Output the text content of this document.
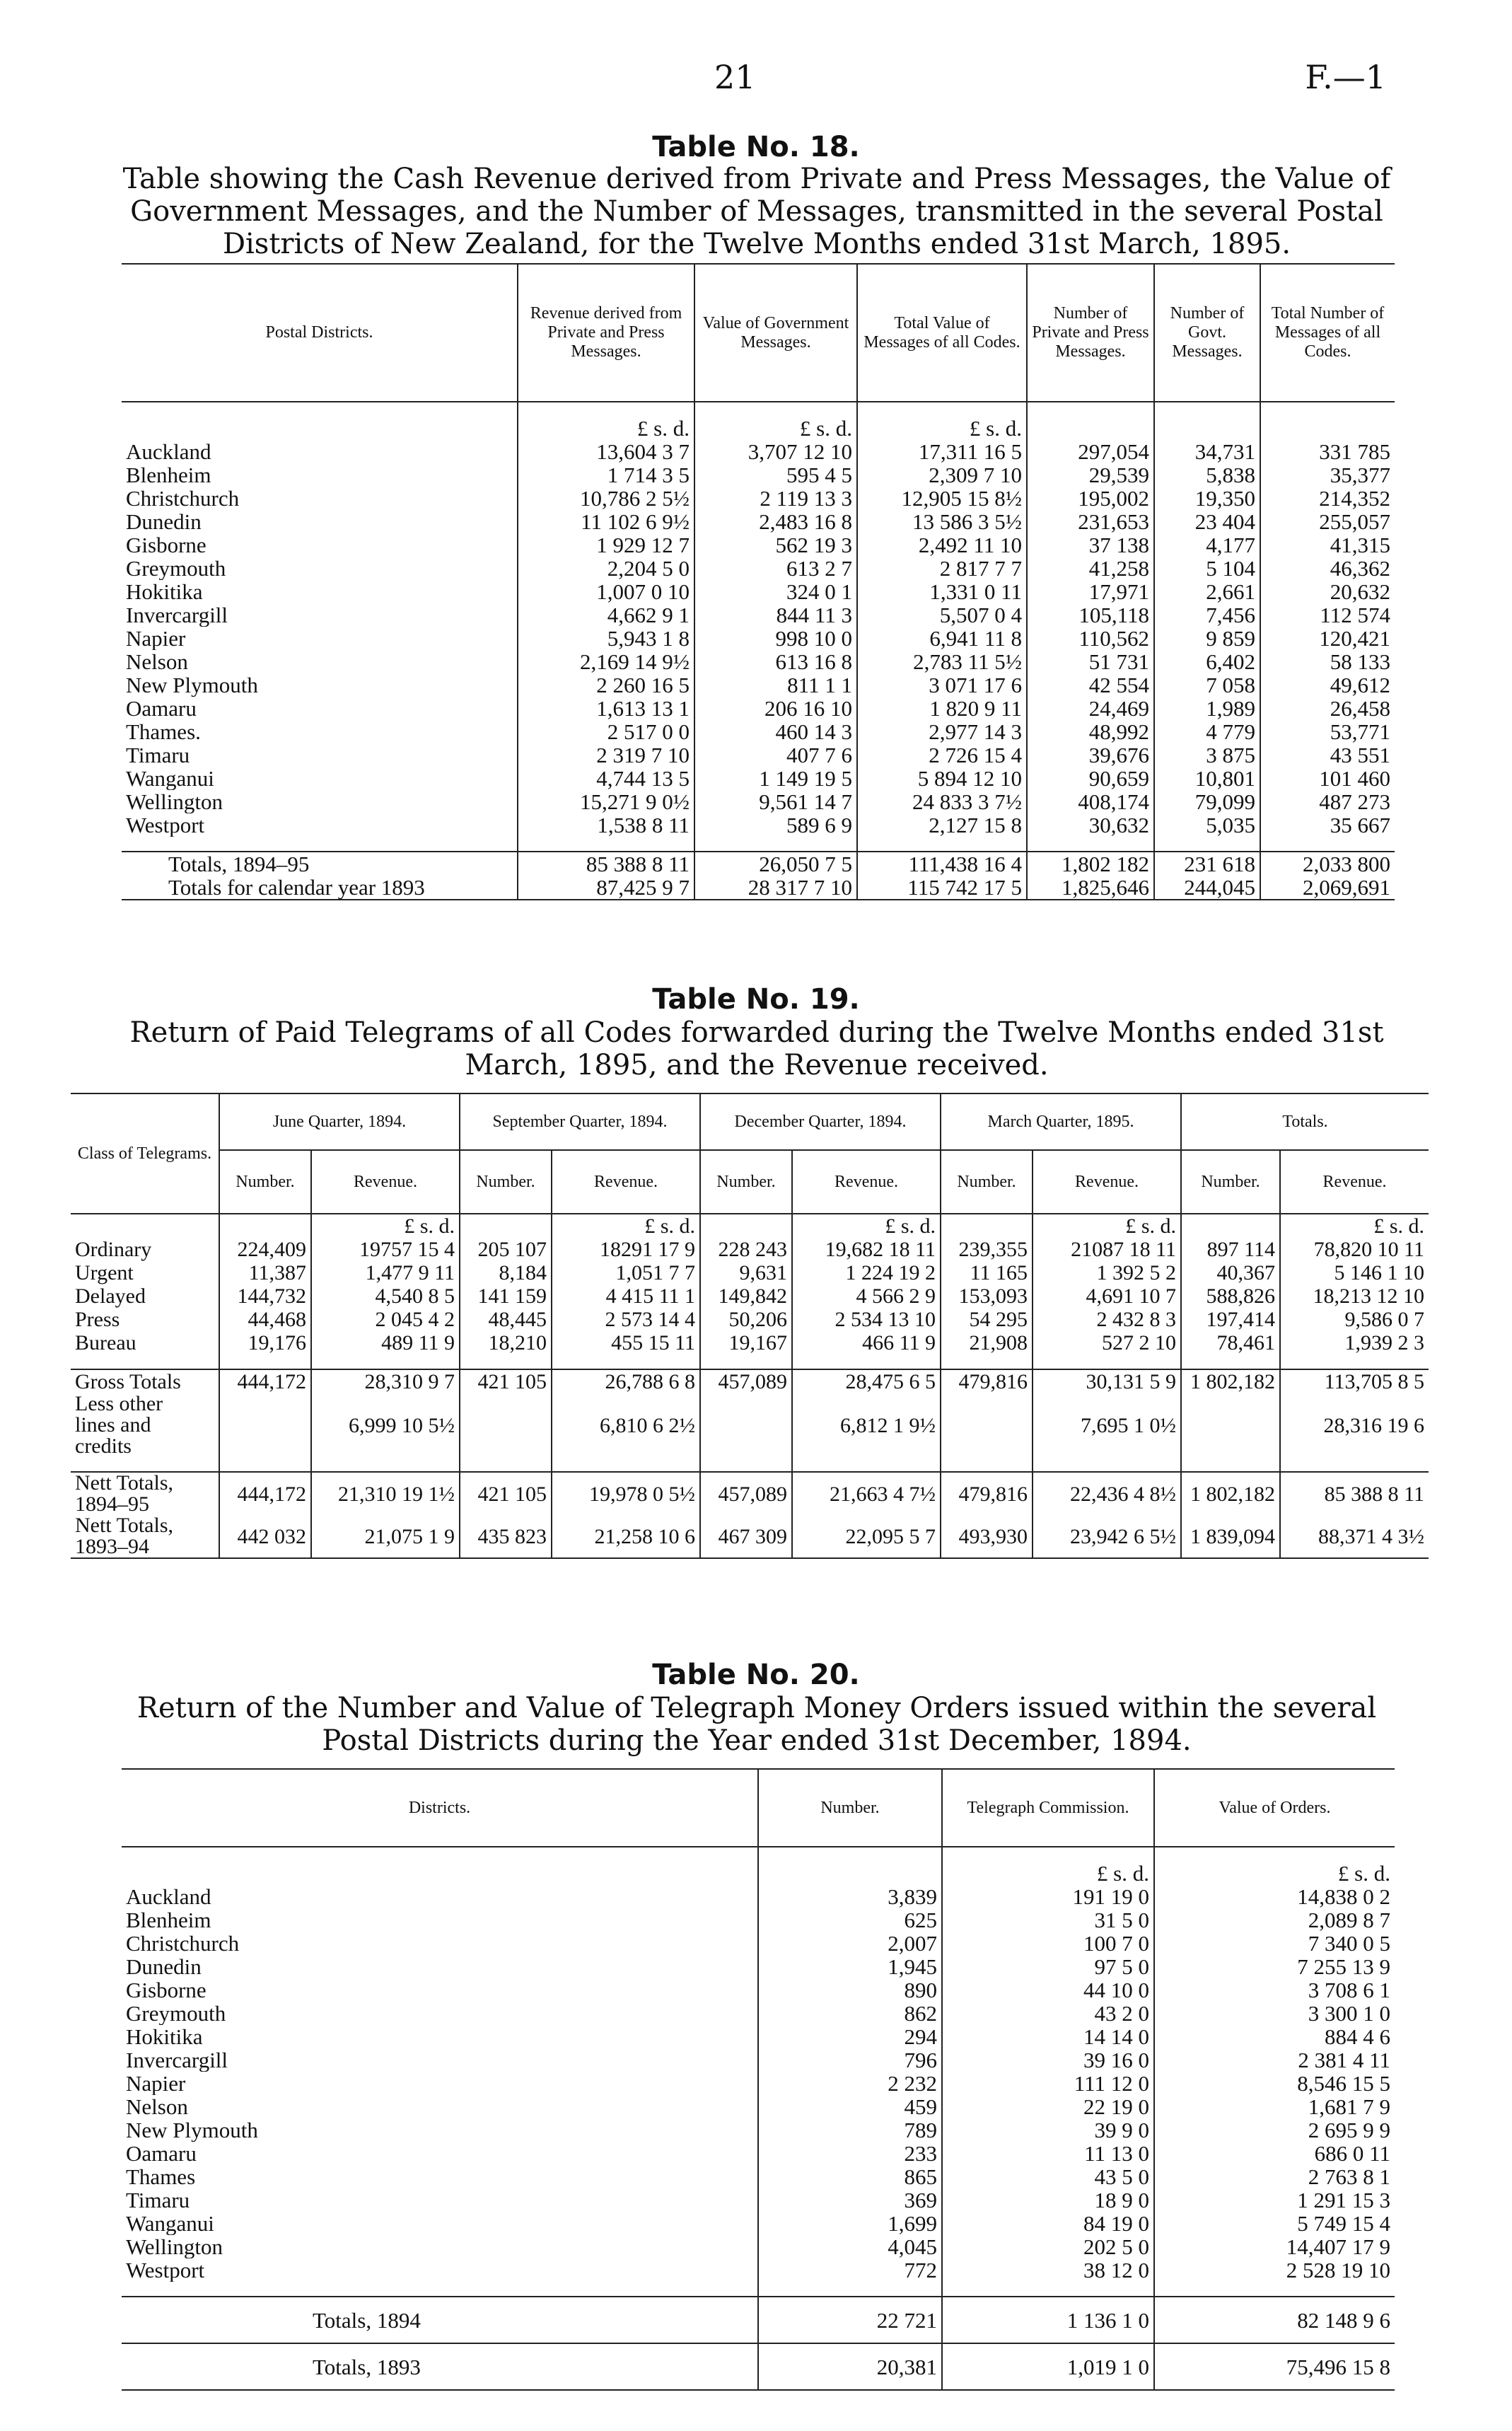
21	F.—1
Table No. 18.
Table showing the Cash Revenue derived from Private and Press Messages, the Value of Government Messages, and the Number of Messages, transmitted in the several Postal Districts of New Zealand, for the Twelve Months ended 31st March, 1895.
Postal Districts.	Revenue derived from Private and Press Messages.	Value of Government Messages.	Total Value of Messages of all Codes.	Number of Private and Press Messages.	Number of Govt. Messages.	Total Number of Messages of all Codes.

	£ s. d.	£ s. d.	£ s. d.			
Auckland	13,604 3 7	3,707 12 10	17,311 16 5	297,054	34,731	331 785
Blenheim	1 714 3 5	595 4 5	2,309 7 10	29,539	5,838	35,377
Christchurch	10,786 2 5½	2 119 13 3	12,905 15 8½	195,002	19,350	214,352
Dunedin	11 102 6 9½	2,483 16 8	13 586 3 5½	231,653	23 404	255,057
Gisborne	1 929 12 7	562 19 3	2,492 11 10	37 138	4,177	41,315
Greymouth	2,204 5 0	613 2 7	2 817 7 7	41,258	5 104	46,362
Hokitika	1,007 0 10	324 0 1	1,331 0 11	17,971	2,661	20,632
Invercargill	4,662 9 1	844 11 3	5,507 0 4	105,118	7,456	112 574
Napier	5,943 1 8	998 10 0	6,941 11 8	110,562	9 859	120,421
Nelson	2,169 14 9½	613 16 8	2,783 11 5½	51 731	6,402	58 133
New Plymouth	2 260 16 5	811 1 1	3 071 17 6	42 554	7 058	49,612
Oamaru	1,613 13 1	206 16 10	1 820 9 11	24,469	1,989	26,458
Thames.	2 517 0 0	460 14 3	2,977 14 3	48,992	4 779	53,771
Timaru	2 319 7 10	407 7 6	2 726 15 4	39,676	3 875	43 551
Wanganui	4,744 13 5	1 149 19 5	5 894 12 10	90,659	10,801	101 460
Wellington	15,271 9 0½	9,561 14 7	24 833 3 7½	408,174	79,099	487 273
Westport	1,538 8 11	589 6 9	2,127 15 8	30,632	5,035	35 667

Totals, 1894–95	85 388 8 11	26,050 7 5	111,438 16 4	1,802 182	231 618	2,033 800
Totals for calendar year 1893	87,425 9 7	28 317 7 10	115 742 17 5	1,825,646	244,045	2,069,691
Table No. 19.
Return of Paid Telegrams of all Codes forwarded during the Twelve Months ended 31st March, 1895, and the Revenue received.
Class of Telegrams.	June Quarter, 1894.		September Quarter, 1894.		December Quarter, 1894.		March Quarter, 1895.		Totals.	
	Number.	Revenue.	Number.	Revenue.	Number.	Revenue.	Number.	Revenue.	Number.	Revenue.
		£ s. d.		£ s. d.		£ s. d.		£ s. d.		£ s. d.
Ordinary	224,409	19757 15 4	205 107	18291 17 9	228 243	19,682 18 11	239,355	21087 18 11	897 114	78,820 10 11
Urgent	11,387	1,477 9 11	8,184	1,051 7 7	9,631	1 224 19 2	11 165	1 392 5 2	40,367	5 146 1 10
Delayed	144,732	4,540 8 5	141 159	4 415 11 1	149,842	4 566 2 9	153,093	4,691 10 7	588,826	18,213 12 10
Press	44,468	2 045 4 2	48,445	2 573 14 4	50,206	2 534 13 10	54 295	2 432 8 3	197,414	9,586 0 7
Bureau	19,176	489 11 9	18,210	455 15 11	19,167	466 11 9	21,908	527 2 10	78,461	1,939 2 3

Gross Totals	444,172	28,310 9 7	421 105	26,788 6 8	457,089	28,475 6 5	479,816	30,131 5 9	1 802,182	113,705 8 5

Less other
lines and
credits		6,999 10 5½		6,810 6 2½		6,812 1 9½		7,695 1 0½		28,316 19 6

Nett Totals,
1894–95	444,172	21,310 19 1½	421 105	19,978 0 5½	457,089	21,663 4 7½	479,816	22,436 4 8½	1 802,182	85 388 8 11

Nett Totals,
1893–94	442 032	21,075 1 9	435 823	21,258 10 6	467 309	22,095 5 7	493,930	23,942 6 5½	1 839,094	88,371 4 3½
Table No. 20.
Return of the Number and Value of Telegraph Money Orders issued within the several Postal Districts during the Year ended 31st December, 1894.
Districts.	Number.	Telegraph Commission.	Value of Orders.

		£ s. d.	£ s. d.
Auckland	3,839	191 19 0	14,838 0 2
Blenheim	625	31 5 0	2,089 8 7
Christchurch	2,007	100 7 0	7 340 0 5
Dunedin	1,945	97 5 0	7 255 13 9
Gisborne	890	44 10 0	3 708 6 1
Greymouth	862	43 2 0	3 300 1 0
Hokitika	294	14 14 0	884 4 6
Invercargill	796	39 16 0	2 381 4 11
Napier	2 232	111 12 0	8,546 15 5
Nelson	459	22 19 0	1,681 7 9
New Plymouth	789	39 9 0	2 695 9 9
Oamaru	233	11 13 0	686 0 11
Thames	865	43 5 0	2 763 8 1
Timaru	369	18 9 0	1 291 15 3
Wanganui	1,699	84 19 0	5 749 15 4
Wellington	4,045	202 5 0	14,407 17 9
Westport	772	38 12 0	2 528 19 10

Totals, 1894	22 721	1 136 1 0	82 148 9 6
Totals, 1893	20,381	1,019 1 0	75,496 15 8
